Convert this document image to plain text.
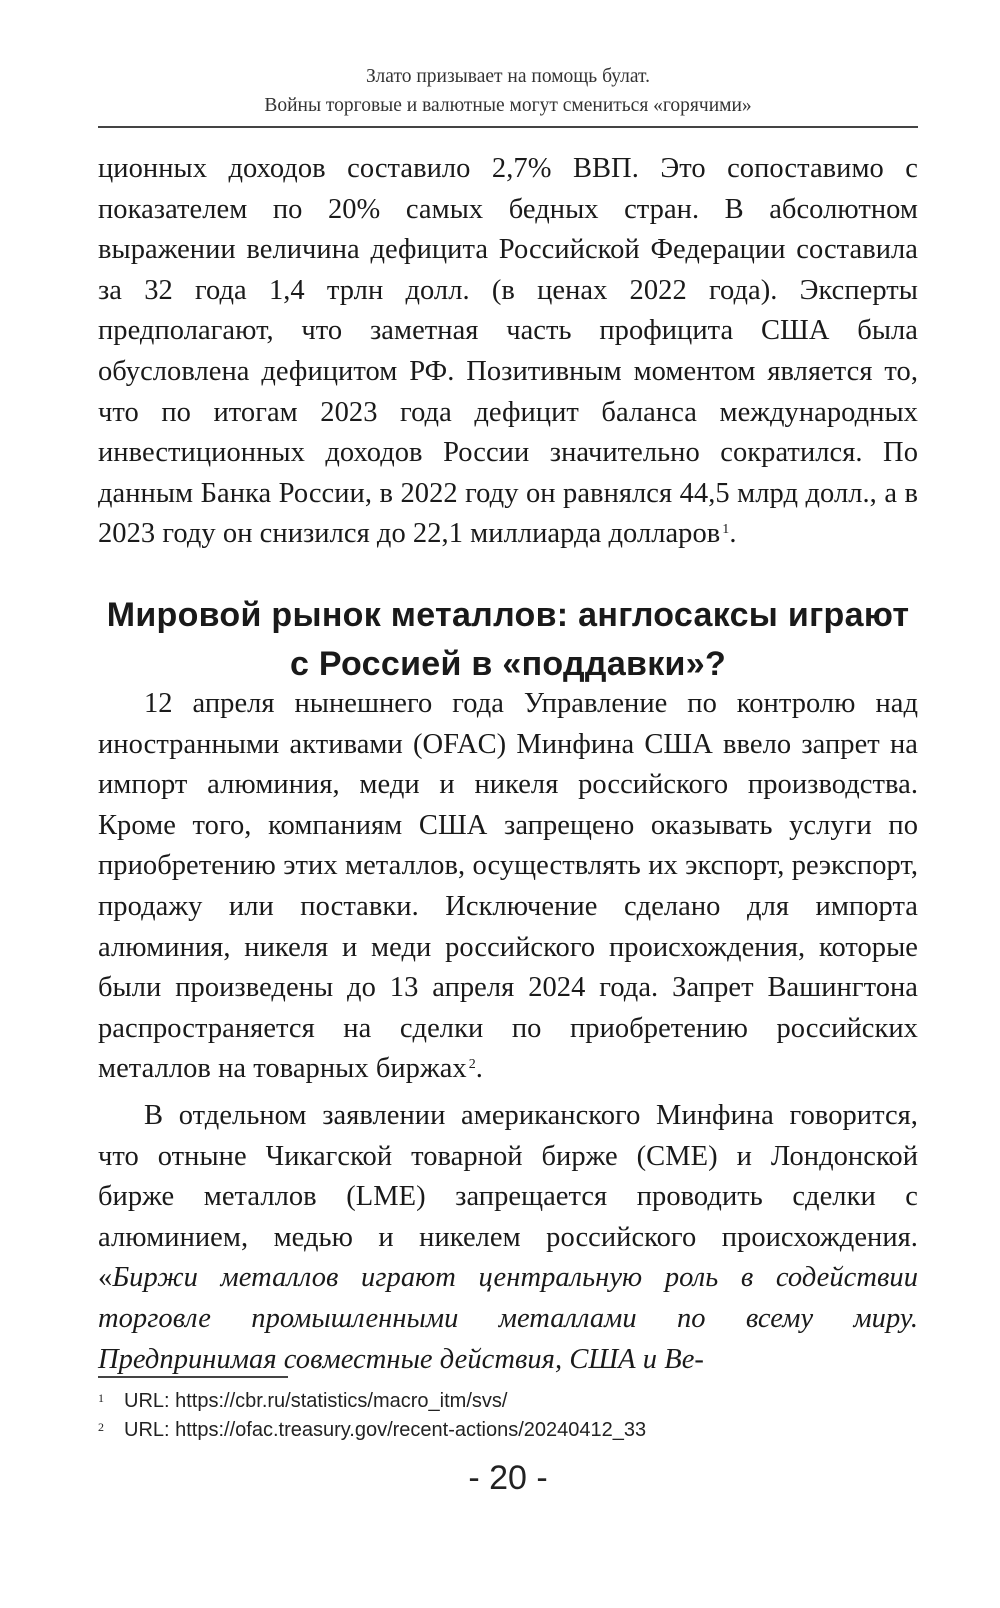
Злато призывает на помощь булат.
Войны торговые и валютные могут смениться «горячими»

ционных доходов составило 2,7% ВВП. Это сопоставимо с показателем по 20% самых бедных стран. В абсолютном выражении величина дефицита Российской Федерации составила за 32 года 1,4 трлн долл. (в ценах 2022 года). Эксперты предполагают, что заметная часть профицита США была обусловлена дефицитом РФ. Позитивным моментом является то, что по итогам 2023 года дефицит баланса международных инвестиционных доходов России значительно сократился. По данным Банка России, в 2022 году он равнялся 44,5 млрд долл., а в 2023 году он снизился до 22,1 миллиарда долларов $^1$.

Мировой рынок металлов: англосаксы играют
с Россией в «поддавки»?

12 апреля нынешнего года Управление по контролю над иностранными активами (OFAC) Минфина США ввело запрет на импорт алюминия, меди и никеля российского производства. Кроме того, компаниям США запрещено оказывать услуги по приобретению этих металлов, осуществлять их экспорт, реэкспорт, продажу или поставки. Исключение сделано для импорта алюминия, никеля и меди российского происхождения, которые были произведены до 13 апреля 2024 года. Запрет Вашингтона распространяется на сделки по приобретению российских металлов на товарных биржах $^2$.

В отдельном заявлении американского Минфина говорится, что отныне Чикагской товарной бирже (CME) и Лондонской бирже металлов (LME) запрещается проводить сделки с алюминием, медью и никелем российского происхождения. «Биржи металлов играют центральную роль в содействии торговле промышленными металлами по всему миру. Предпринимая совместные действия, США и Ве-

1	URL: https://cbr.ru/statistics/macro_itm/svs/
2	URL: https://ofac.treasury.gov/recent-actions/20240412_33
- 20 -
